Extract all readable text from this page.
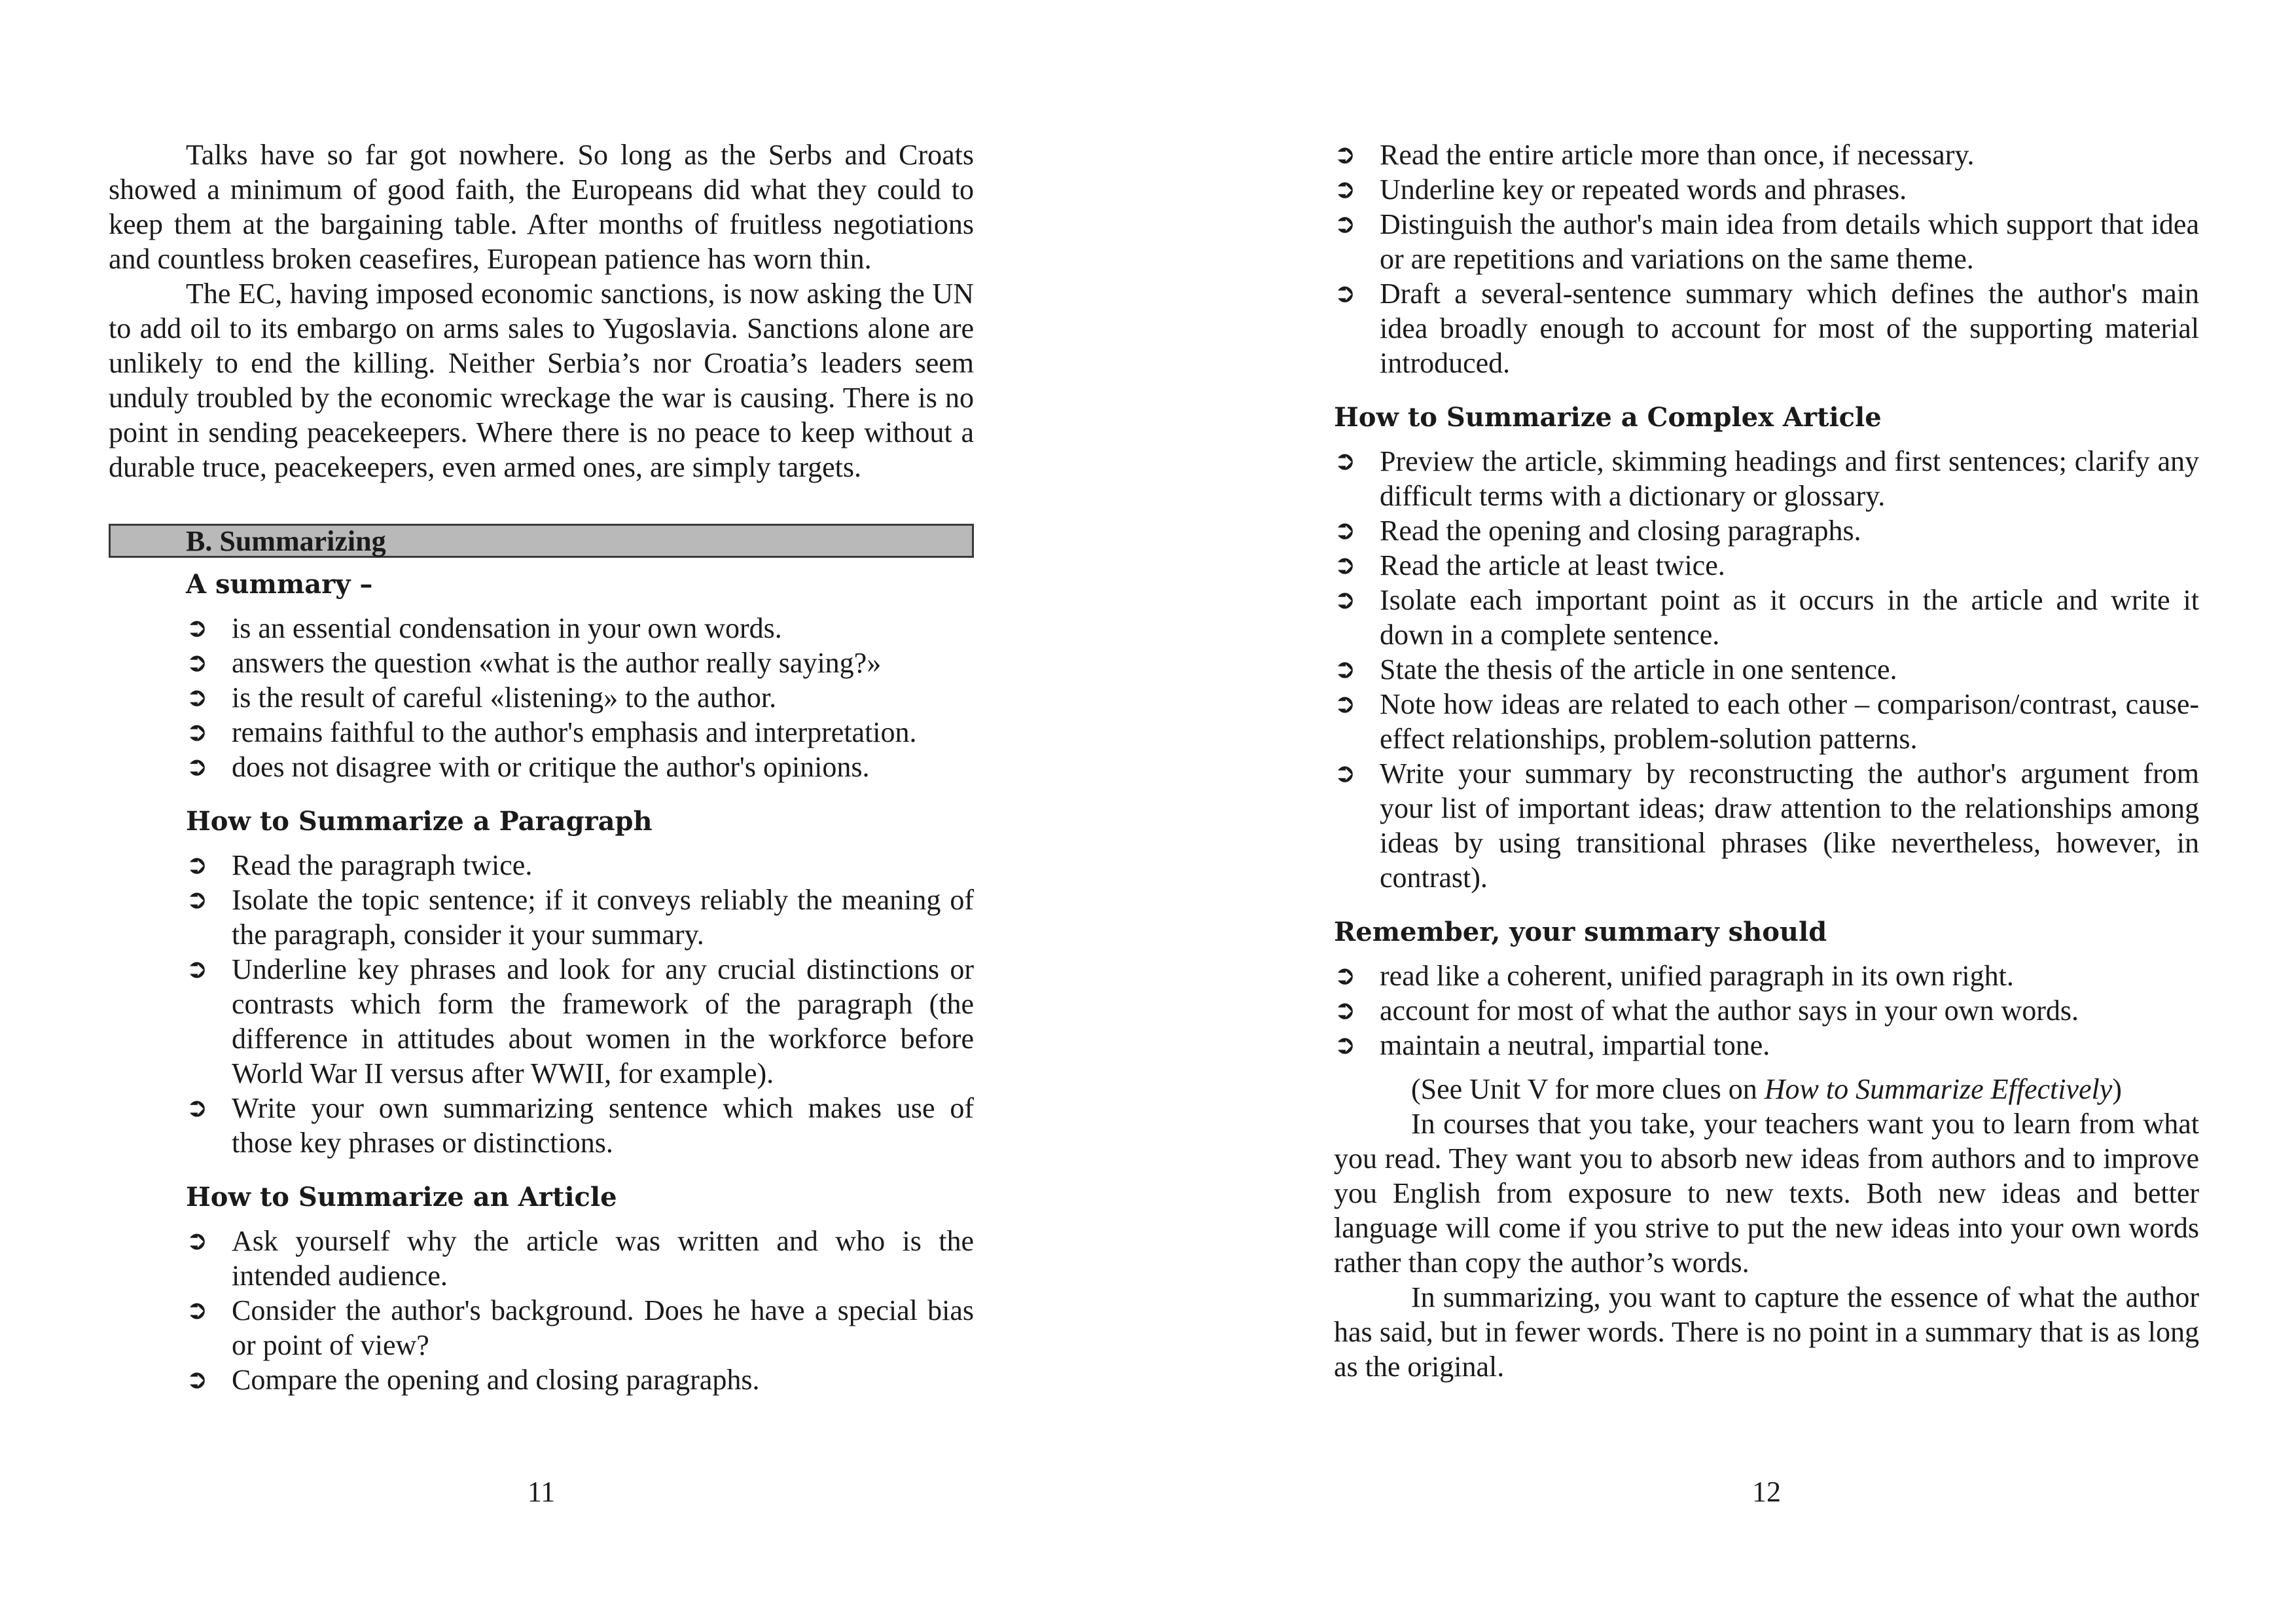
Talks have so far got nowhere. So long as the Serbs and Croats showed a minimum of good faith, the Europeans did what they could to keep them at the bargaining table. After months of fruitless negotiations and countless broken ceasefires, European patience has worn thin.

The EC, having imposed economic sanctions, is now asking the UN to add oil to its embargo on arms sales to Yugoslavia. Sanctions alone are unlikely to end the killing. Neither Serbia’s nor Croatia’s leaders seem unduly troubled by the economic wreckage the war is causing. There is no point in sending peacekeepers. Where there is no peace to keep without a durable truce, peacekeepers, even armed ones, are simply targets.

B. Summarizing
A summary –
➲ is an essential condensation in your own words.
➲ answers the question «what is the author really saying?»
➲ is the result of careful «listening» to the author.
➲ remains faithful to the author's emphasis and interpretation.
➲ does not disagree with or critique the author's opinions.
How to Summarize a Paragraph
➲ Read the paragraph twice.
➲ Isolate the topic sentence; if it conveys reliably the meaning of the paragraph, consider it your summary.
➲ Underline key phrases and look for any crucial distinctions or contrasts which form the framework of the paragraph (the difference in attitudes about women in the workforce before World War II versus after WWII, for example).
➲ Write your own summarizing sentence which makes use of those key phrases or distinctions.
How to Summarize an Article
➲ Ask yourself why the article was written and who is the intended audience.
➲ Consider the author's background. Does he have a special bias or point of view?
➲ Compare the opening and closing paragraphs.
11
➲ Read the entire article more than once, if necessary.
➲ Underline key or repeated words and phrases.
➲ Distinguish the author's main idea from details which support that idea or are repetitions and variations on the same theme.
➲ Draft a several-sentence summary which defines the author's main idea broadly enough to account for most of the supporting material introduced.
How to Summarize a Complex Article
➲ Preview the article, skimming headings and first sentences; clarify any difficult terms with a dictionary or glossary.
➲ Read the opening and closing paragraphs.
➲ Read the article at least twice.
➲ Isolate each important point as it occurs in the article and write it down in a complete sentence.
➲ State the thesis of the article in one sentence.
➲ Note how ideas are related to each other – comparison/contrast, cause-effect relationships, problem-solution patterns.
➲ Write your summary by reconstructing the author's argument from your list of important ideas; draw attention to the relationships among ideas by using transitional phrases (like nevertheless, however, in contrast).
Remember, your summary should
➲ read like a coherent, unified paragraph in its own right.
➲ account for most of what the author says in your own words.
➲ maintain a neutral, impartial tone.

(See Unit V for more clues on How to Summarize Effectively)

In courses that you take, your teachers want you to learn from what you read. They want you to absorb new ideas from authors and to improve you English from exposure to new texts. Both new ideas and better language will come if you strive to put the new ideas into your own words rather than copy the author’s words.

In summarizing, you want to capture the essence of what the author has said, but in fewer words. There is no point in a summary that is as long as the original.

12
